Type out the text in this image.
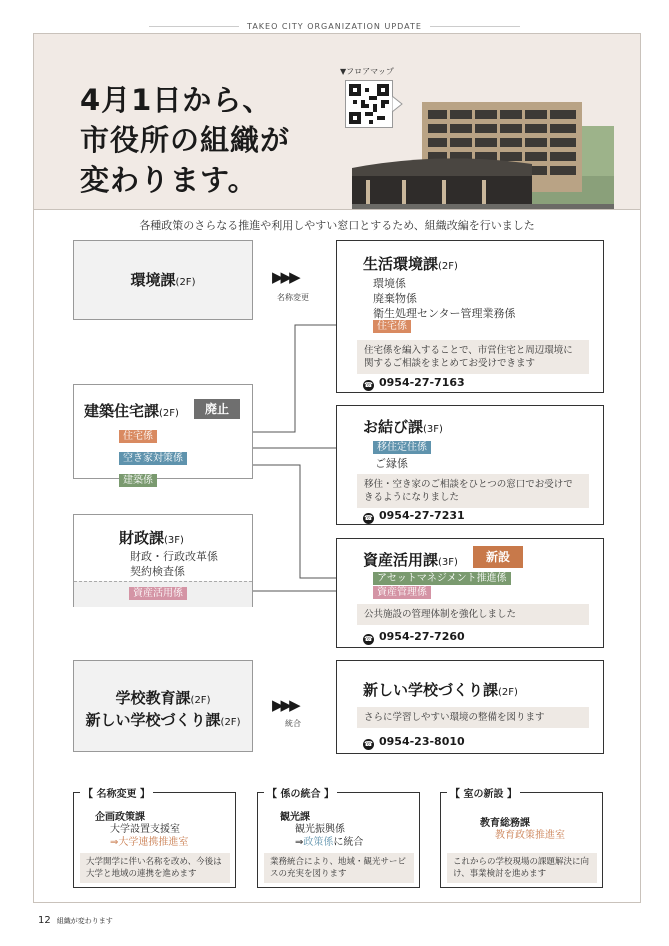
TAKEO CITY ORGANIZATION UPDATE
4月1日から、
市役所の組織が
変わります。
▼フロアマップ
各種政策のさらなる推進や利用しやすい窓口とするため、組織改編を行いました
環境課(2F)
建築住宅課(2F)	廃止
住宅係
空き家対策係
建築係
財政課(3F)
財政・行政改革係
契約検査係
資産活用係
学校教育課(2F)
新しい学校づくり課(2F)
▶▶▶
名称変更
▶▶▶
統合
生活環境課(2F)
環境係
廃棄物係
衛生処理センター管理業務係
住宅係
住宅係を編入することで、市営住宅と周辺環境に関するご相談をまとめてお受けできます
☎ 0954-27-7163
お結び課(3F)
移住定住係
ご縁係
移住・空き家のご相談をひとつの窓口でお受けできるようになりました
☎ 0954-27-7231
資産活用課(3F)	新設
アセットマネジメント推進係
資産管理係
公共施設の管理体制を強化しました
☎ 0954-27-7260
新しい学校づくり課(2F)
さらに学習しやすい環境の整備を図ります
☎ 0954-23-8010
【 名称変更 】
企画政策課
大学設置支援室
⇒大学連携推進室
大学開学に伴い名称を改め、今後は大学と地域の連携を進めます
【 係の統合 】
観光課
観光振興係
⇒政策係に統合
業務統合により、地域・観光サービスの充実を図ります
【 室の新設 】
教育総務課
教育政策推進室
これからの学校現場の課題解決に向け、事業検討を進めます
12 組織が変わります
